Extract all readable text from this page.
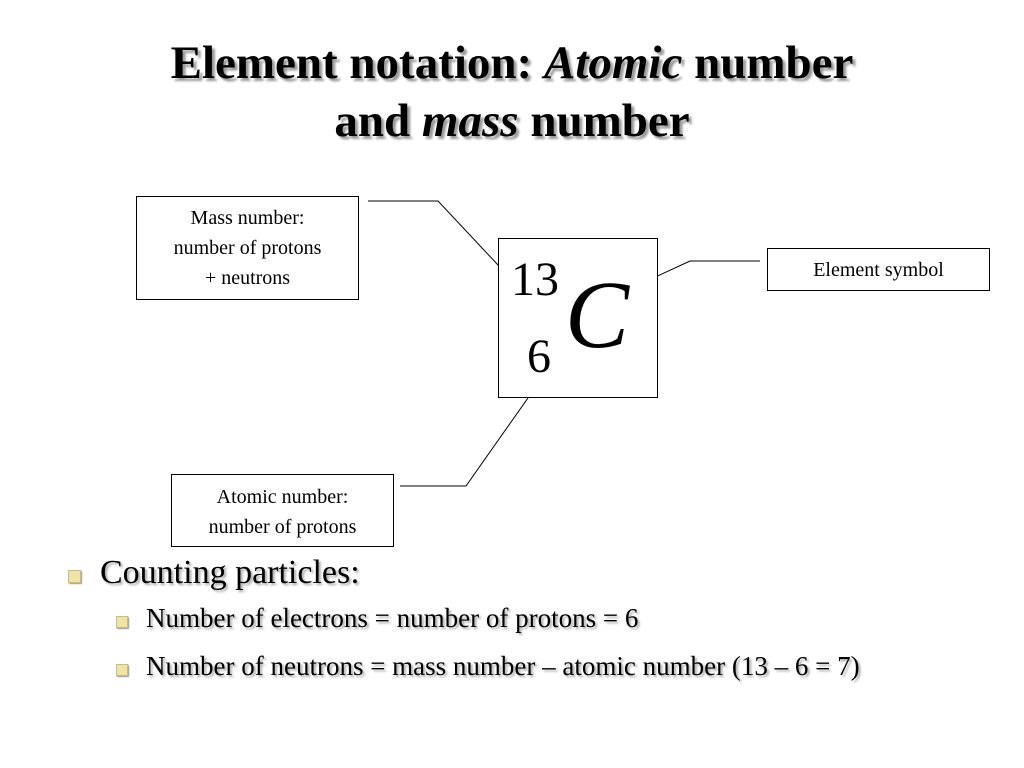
Element notation: Atomic number
and mass number
Mass number:
number of protons
+ neutrons	Element symbol
Atomic number:
number of protons
13
6 C
Counting particles:
Number of electrons = number of protons = 6
Number of neutrons = mass number – atomic number (13 – 6 = 7)
